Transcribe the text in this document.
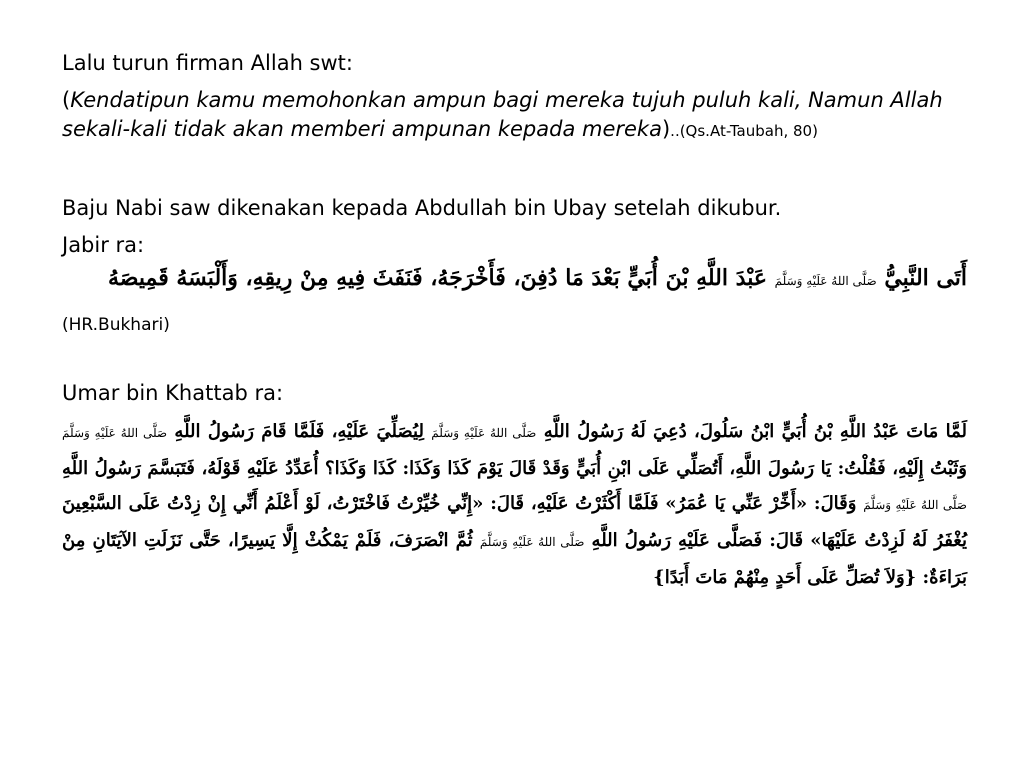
Lalu turun firman Allah swt:

(Kendatipun kamu memohonkan ampun bagi mereka tujuh puluh kali, Namun Allah sekali-kali tidak akan memberi ampunan kepada mereka)..(Qs.At-Taubah, 80)

Baju Nabi saw dikenakan kepada Abdullah bin Ubay setelah dikubur.

Jabir ra:

أَتَى النَّبِيُّ صَلَّى اللهُ عَلَيْهِ وَسَلَّمَ عَبْدَ اللَّهِ بْنَ أُبَيٍّ بَعْدَ مَا دُفِنَ، فَأَخْرَجَهُ، فَنَفَثَ فِيهِ مِنْ رِيقِهِ، وَأَلْبَسَهُ قَمِيصَهُ

(HR.Bukhari)

Umar bin Khattab ra:

لَمَّا مَاتَ عَبْدُ اللَّهِ بْنُ أُبَيٍّ ابْنُ سَلُولَ، دُعِيَ لَهُ رَسُولُ اللَّهِ صَلَّى اللهُ عَلَيْهِ وَسَلَّمَ لِيُصَلِّيَ عَلَيْهِ، فَلَمَّا قَامَ رَسُولُ اللَّهِ صَلَّى اللهُ عَلَيْهِ وَسَلَّمَ وَثَبْتُ إِلَيْهِ، فَقُلْتُ: يَا رَسُولَ اللَّهِ، أَتُصَلِّي عَلَى ابْنِ أُبَيٍّ وَقَدْ قَالَ يَوْمَ كَذَا وَكَذَا: كَذَا وَكَذَا؟ أُعَدِّدُ عَلَيْهِ قَوْلَهُ، فَتَبَسَّمَ رَسُولُ اللَّهِ صَلَّى اللهُ عَلَيْهِ وَسَلَّمَ وَقَالَ: «أَخِّرْ عَنِّي يَا عُمَرُ» فَلَمَّا أَكْثَرْتُ عَلَيْهِ، قَالَ: «إِنِّي خُيِّرْتُ فَاخْتَرْتُ، لَوْ أَعْلَمُ أَنِّي إِنْ زِدْتُ عَلَى السَّبْعِينَ يُغْفَرُ لَهُ لَزِدْتُ عَلَيْهَا» قَالَ: فَصَلَّى عَلَيْهِ رَسُولُ اللَّهِ صَلَّى اللهُ عَلَيْهِ وَسَلَّمَ ثُمَّ انْصَرَفَ، فَلَمْ يَمْكُثْ إِلَّا يَسِيرًا، حَتَّى نَزَلَتِ الآيَتَانِ مِنْ بَرَاءَةٌ: {وَلاَ تُصَلِّ عَلَى أَحَدٍ مِنْهُمْ مَاتَ أَبَدًا}
